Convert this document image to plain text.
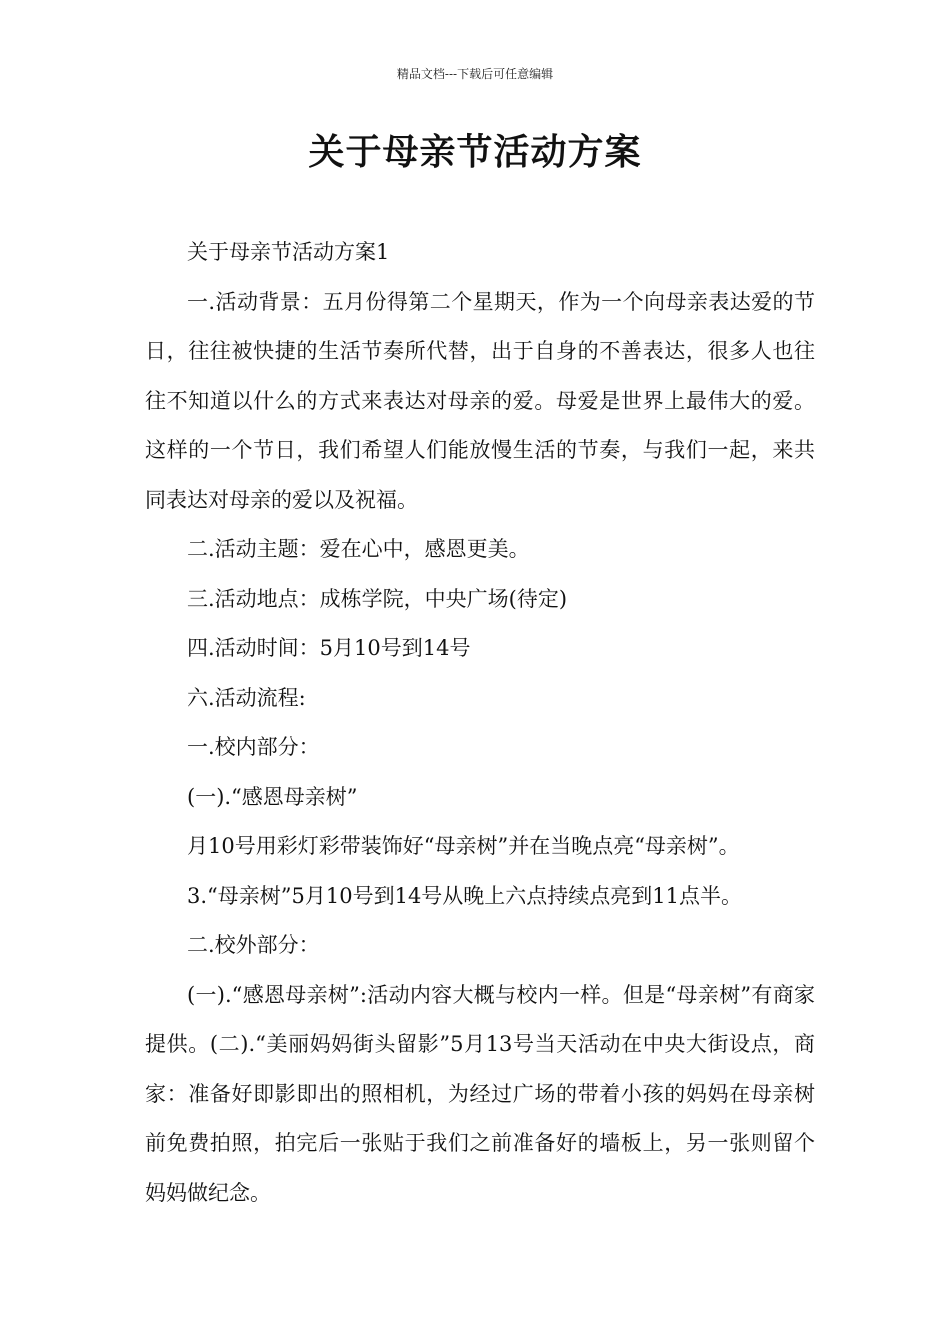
精品文档---下载后可任意编辑
关于母亲节活动方案

关于母亲节活动方案1

一.活动背景：五月份得第二个星期天，作为一个向母亲表达爱的节日，往往被快捷的生活节奏所代替，出于自身的不善表达，很多人也往往不知道以什么的方式来表达对母亲的爱。母爱是世界上最伟大的爱。这样的一个节日，我们希望人们能放慢生活的节奏，与我们一起，来共同表达对母亲的爱以及祝福。

二.活动主题：爱在心中，感恩更美。

三.活动地点：成栋学院，中央广场(待定)

四.活动时间：5月10号到14号

六.活动流程:

一.校内部分：

(一).“感恩母亲树”

月10号用彩灯彩带装饰好“母亲树”并在当晚点亮“母亲树”。

3.“母亲树”5月10号到14号从晚上六点持续点亮到11点半。

二.校外部分：

(一).“感恩母亲树”:活动内容大概与校内一样。但是“母亲树”有商家提供。(二).“美丽妈妈街头留影”5月13号当天活动在中央大街设点，商家：准备好即影即出的照相机，为经过广场的带着小孩的妈妈在母亲树前免费拍照，拍完后一张贴于我们之前准备好的墙板上，另一张则留个妈妈做纪念。
